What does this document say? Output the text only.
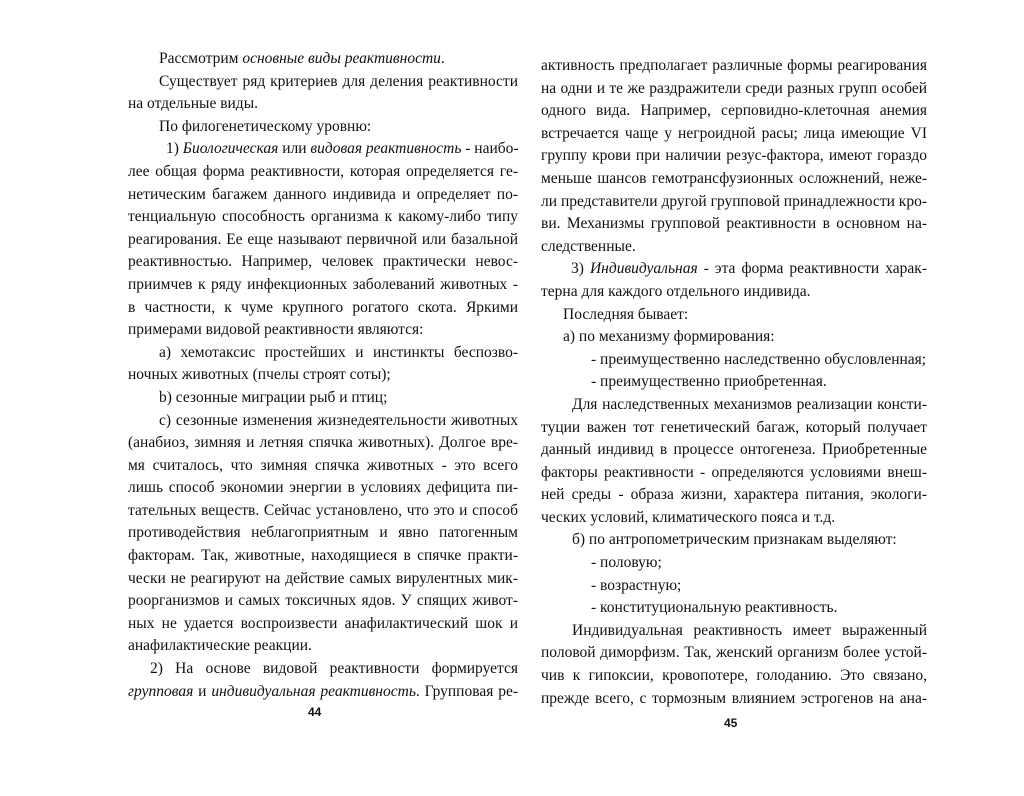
Рассмотрим основные виды реактивности.
Существует ряд критериев для деления реактивности
на отдельные виды.
По филогенетическому уровню:
1) Биологическая или видовая реактивность - наибо-
лее общая форма реактивности, которая определяется ге-
нетическим багажем данного индивида и определяет по-
тенциальную способность организма к какому-либо типу
реагирования. Ее еще называют первичной или базальной
реактивностью. Например, человек практически невос-
приимчев к ряду инфекционных заболеваний животных -
в частности, к чуме крупного рогатого скота. Яркими
примерами видовой реактивности являются:
a) хемотаксис простейших и инстинкты беспозво-
ночных животных (пчелы строят соты);
b) сезонные миграции рыб и птиц;
c) сезонные изменения жизнедеятельности животных
(анабиоз, зимняя и летняя спячка животных). Долгое вре-
мя считалось, что зимняя спячка животных - это всего
лишь способ экономии энергии в условиях дефицита пи-
тательных веществ. Сейчас установлено, что это и способ
противодействия неблагоприятным и явно патогенным
факторам. Так, животные, находящиеся в спячке практи-
чески не реагируют на действие самых вирулентных мик-
роорганизмов и самых токсичных ядов. У спящих живот-
ных не удается воспроизвести анафилактический шок и
анафилактические реакции.
2) На основе видовой реактивности формируется
групповая и индивидуальная реактивность. Групповая ре-
44
активность предполагает различные формы реагирования
на одни и те же раздражители среди разных групп особей
одного вида. Например, серповидно-клеточная анемия
встречается чаще у негроидной расы; лица имеющие VI
группу крови при наличии резус-фактора, имеют гораздо
меньше шансов гемотрансфузионных осложнений, неже-
ли представители другой групповой принадлежности кро-
ви. Механизмы групповой реактивности в основном на-
следственные.
3) Индивидуальная - эта форма реактивности харак-
терна для каждого отдельного индивида.
Последняя бывает:
а) по механизму формирования:
- преимущественно наследственно обусловленная;
- преимущественно приобретенная.
Для наследственных механизмов реализации консти-
туции важен тот генетический багаж, который получает
данный индивид в процессе онтогенеза. Приобретенные
факторы реактивности - определяются условиями внеш-
ней среды - образа жизни, характера питания, экологи-
ческих условий, климатического пояса и т.д.
б) по антропометрическим признакам выделяют:
- половую;
- возрастную;
- конституциональную реактивность.
Индивидуальная реактивность имеет выраженный
половой диморфизм. Так, женский организм более устой-
чив к гипоксии, кровопотере, голоданию. Это связано,
прежде всего, с тормозным влиянием эстрогенов на ана-
45
